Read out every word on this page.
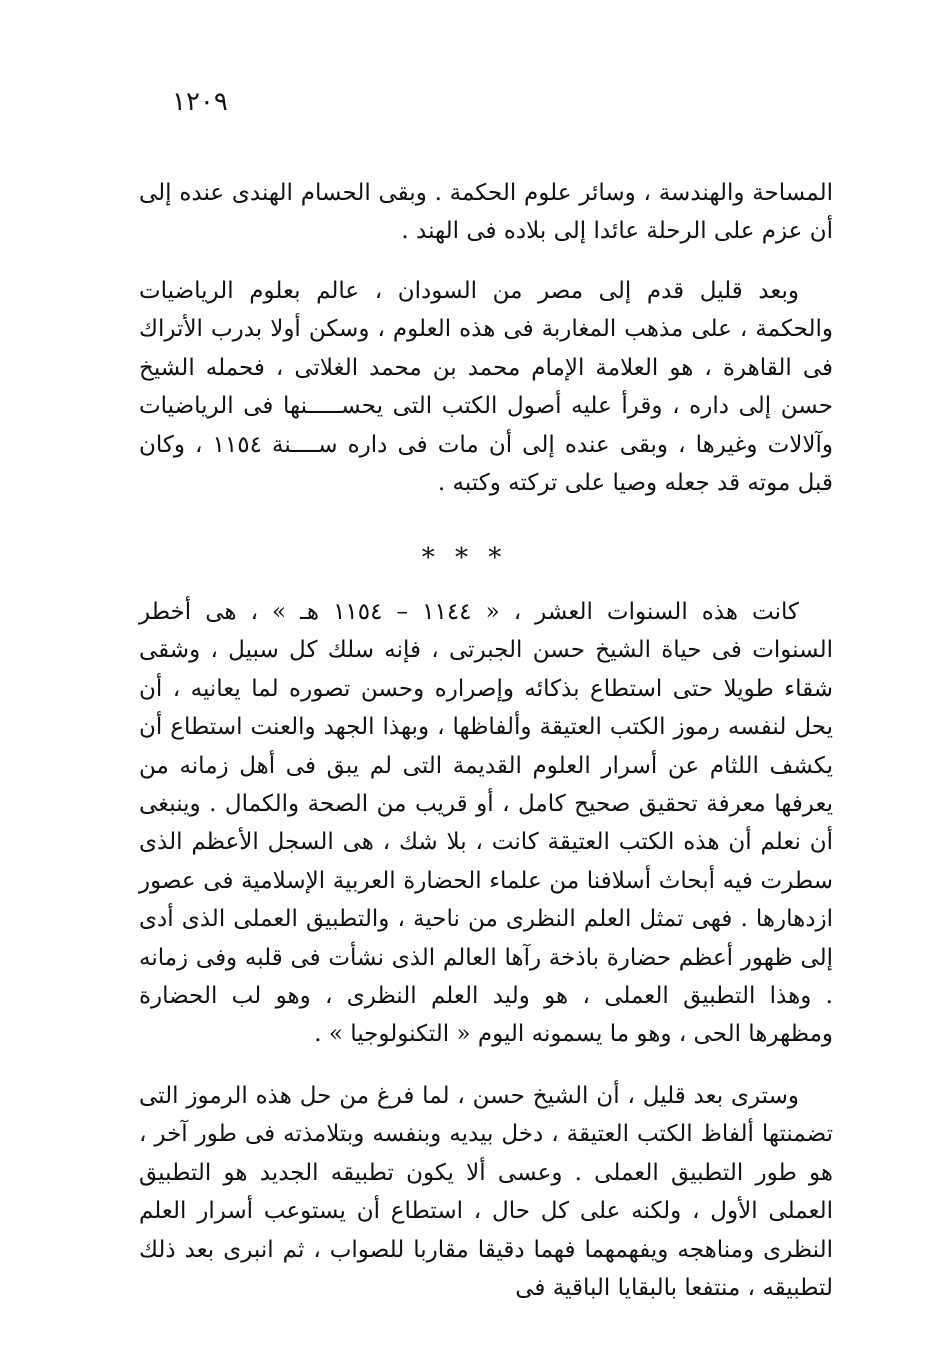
١٢٠٩

المساحة والهندسة ، وسائر علوم الحكمة . وبقى الحسام الهندى عنده إلى أن عزم على الرحلة عائدا إلى بلاده فى الهند .

وبعد قليل قدم إلى مصر من السودان ، عالم بعلوم الرياضيات والحكمة ، على مذهب المغاربة فى هذه العلوم ، وسكن أولا بدرب الأتراك فى القاهرة ، هو العلامة الإمام محمد بن محمد الغلاتى ، فحمله الشيخ حسن إلى داره ، وقرأ عليه أصول الكتب التى يحســـــنها فى الرياضيات وآلالات وغيرها ، وبقى عنده إلى أن مات فى داره ســــنة ١١٥٤ ، وكان قبل موته قد جعله وصيا على تركته وكتبه .

* * *

كانت هذه السنوات العشر ، « ١١٤٤ – ١١٥٤ هـ » ، هى أخطر السنوات فى حياة الشيخ حسن الجبرتى ، فإنه سلك كل سبيل ، وشقى شقاء طويلا حتى استطاع بذكائه وإصراره وحسن تصوره لما يعانيه ، أن يحل لنفسه رموز الكتب العتيقة وألفاظها ، وبهذا الجهد والعنت استطاع أن يكشف اللثام عن أسرار العلوم القديمة التى لم يبق فى أهل زمانه من يعرفها معرفة تحقيق صحيح كامل ، أو قريب من الصحة والكمال . وينبغى أن نعلم أن هذه الكتب العتيقة كانت ، بلا شك ، هى السجل الأعظم الذى سطرت فيه أبحاث أسلافنا من علماء الحضارة العربية الإسلامية فى عصور ازدهارها . فهى تمثل العلم النظرى من ناحية ، والتطبيق العملى الذى أدى إلى ظهور أعظم حضارة باذخة رآها العالم الذى نشأت فى قلبه وفى زمانه . وهذا التطبيق العملى ، هو وليد العلم النظرى ، وهو لب الحضارة ومظهرها الحى ، وهو ما يسمونه اليوم « التكنولوجيا » .

وسترى بعد قليل ، أن الشيخ حسن ، لما فرغ من حل هذه الرموز التى تضمنتها ألفاظ الكتب العتيقة ، دخل بيديه وبنفسه وبتلامذته فى طور آخر ، هو طور التطبيق العملى . وعسى ألا يكون تطبيقه الجديد هو التطبيق العملى الأول ، ولكنه على كل حال ، استطاع أن يستوعب أسرار العلم النظرى ومناهجه ويفهمهما فهما دقيقا مقاربا للصواب ، ثم انبرى بعد ذلك لتطبيقه ، منتفعا بالبقايا الباقية فى
